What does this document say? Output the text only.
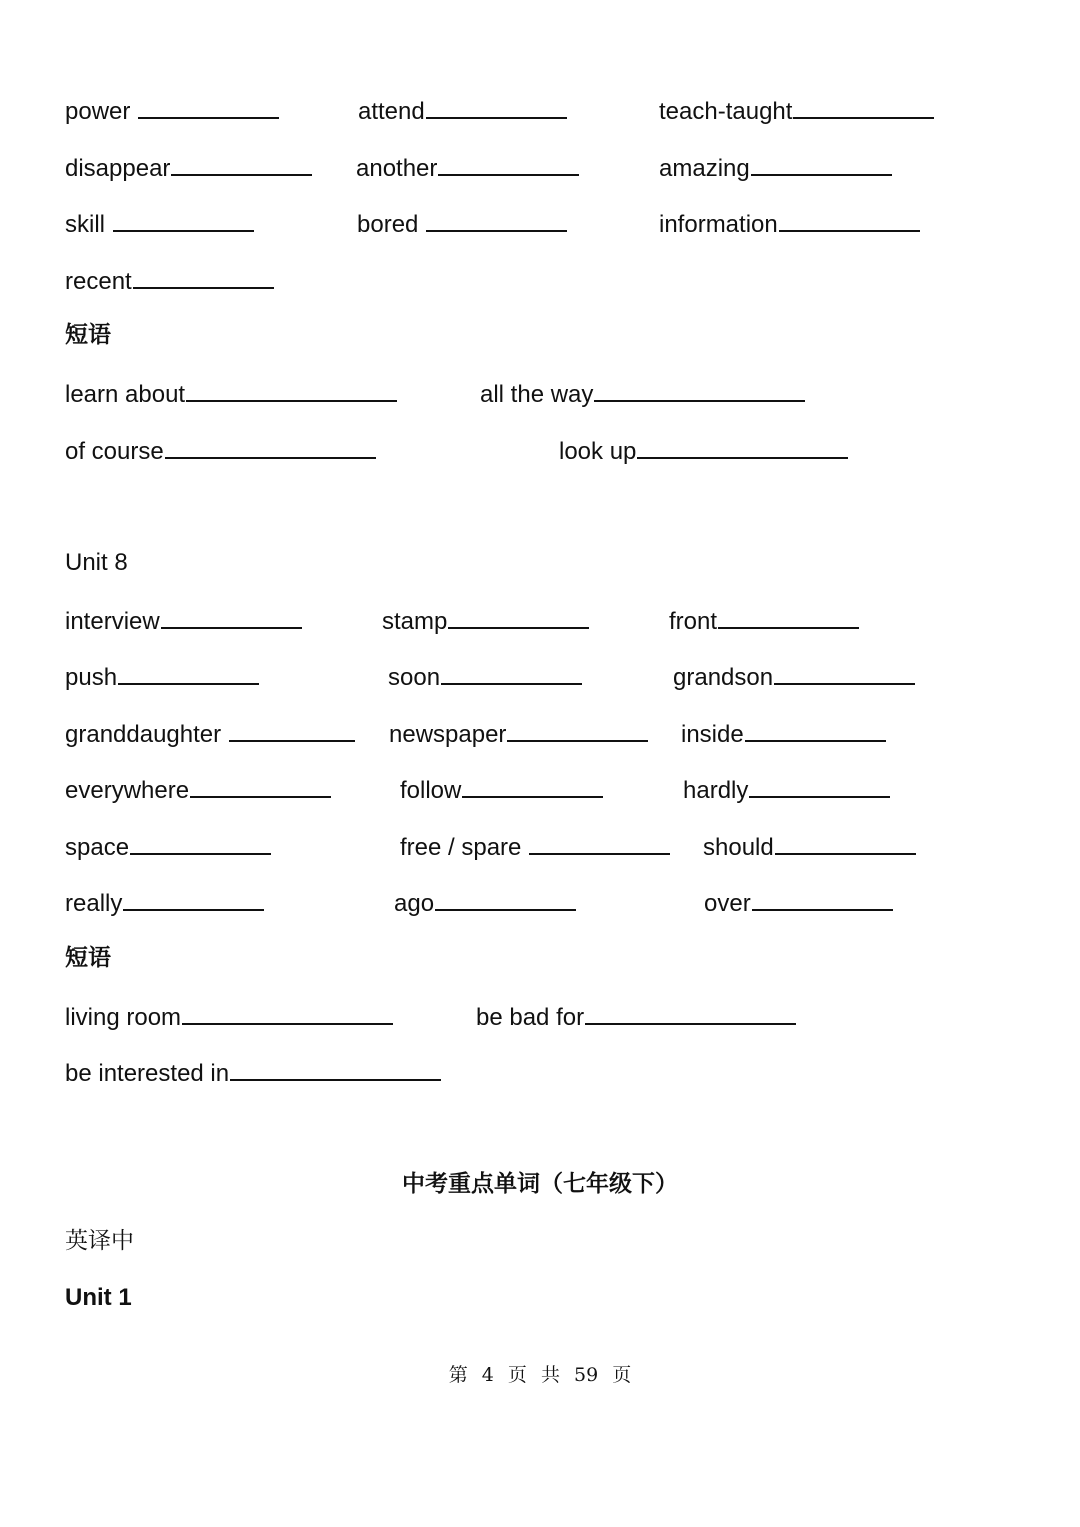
power	attend	teach-taught
disappear	another	amazing
skill	bored	information
recent
短语
learn about	all the way
of course	look up
Unit 8
interview	stamp	front
push	soon	grandson
granddaughter	newspaper	inside
everywhere	follow	hardly
space	free / spare	should
really	ago	over
短语
living room	be bad for
be interested in
中考重点单词（七年级下）
英译中
Unit 1
第 4 页 共 59 页
